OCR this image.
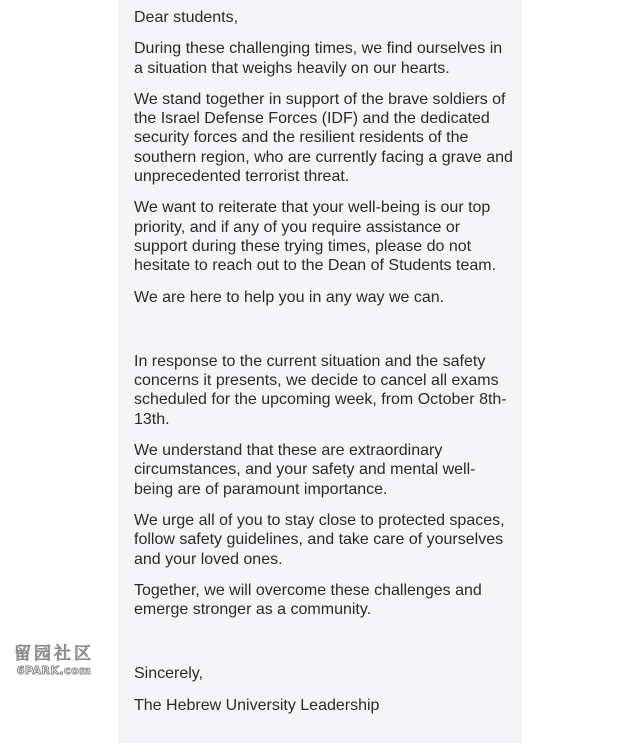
Dear students,

During these challenging times, we find ourselves in a situation that weighs heavily on our hearts.

We stand together in support of the brave soldiers of the Israel Defense Forces (IDF) and the dedicated security forces and the resilient residents of the southern region, who are currently facing a grave and unprecedented terrorist threat.

We want to reiterate that your well-being is our top priority, and if any of you require assistance or support during these trying times, please do not hesitate to reach out to the Dean of Students team.

We are here to help you in any way we can.

In response to the current situation and the safety concerns it presents, we decide to cancel all exams scheduled for the upcoming week, from October 8th-13th.

We understand that these are extraordinary circumstances, and your safety and mental well-being are of paramount importance.

We urge all of you to stay close to protected spaces, follow safety guidelines, and take care of yourselves and your loved ones.

Together, we will overcome these challenges and emerge stronger as a community.

Sincerely,

The Hebrew University Leadership

留园社区
6PARK.com
